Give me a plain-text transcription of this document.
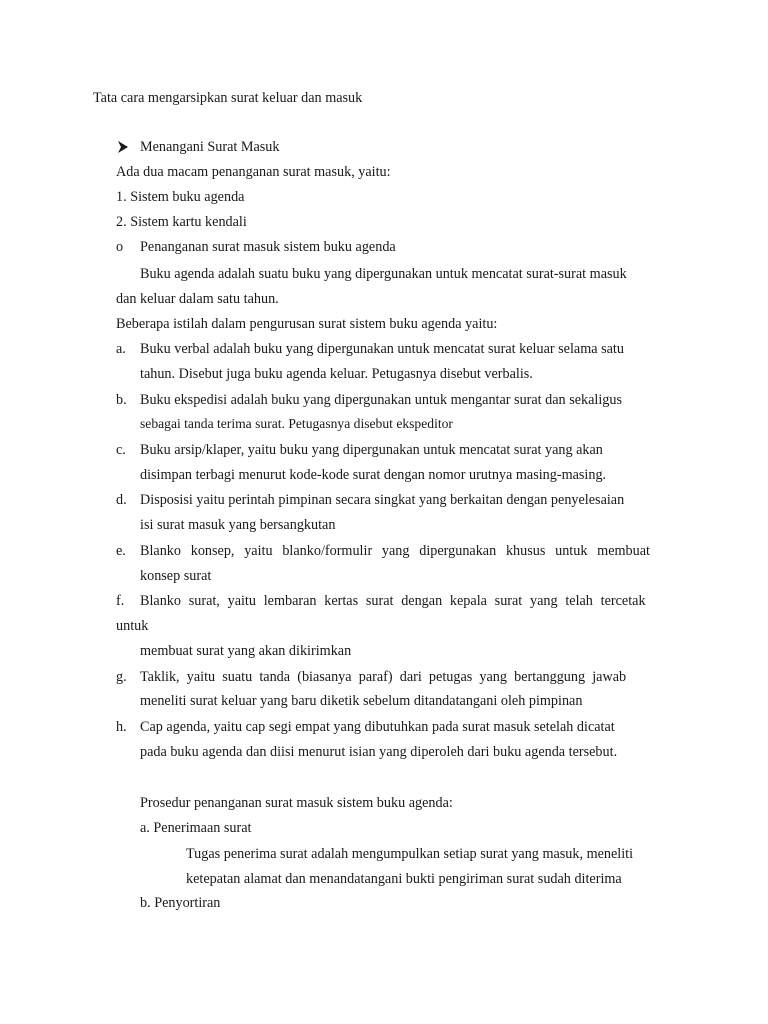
Tata cara mengarsipkan surat keluar dan masuk
Menangani Surat Masuk
Ada dua macam penanganan surat masuk, yaitu:
1. Sistem buku agenda
2. Sistem kartu kendali
o Penanganan surat masuk sistem buku agenda
Buku agenda adalah suatu buku yang dipergunakan untuk mencatat surat-surat masuk
dan keluar dalam satu tahun.
Beberapa istilah dalam pengurusan surat sistem buku agenda yaitu:
a. Buku verbal adalah buku yang dipergunakan untuk mencatat surat keluar selama satu
tahun. Disebut juga buku agenda keluar. Petugasnya disebut verbalis.
b. Buku ekspedisi adalah buku yang dipergunakan untuk mengantar surat dan sekaligus
sebagai tanda terima surat. Petugasnya disebut ekspeditor
c. Buku arsip/klaper, yaitu buku yang dipergunakan untuk mencatat surat yang akan
disimpan terbagi menurut kode-kode surat dengan nomor urutnya masing-masing.
d. Disposisi yaitu perintah pimpinan secara singkat yang berkaitan dengan penyelesaian
isi surat masuk yang bersangkutan
e. Blanko konsep, yaitu blanko/formulir yang dipergunakan khusus untuk membuat
konsep surat
f. Blanko surat, yaitu lembaran kertas surat dengan kepala surat yang telah tercetak
untuk
membuat surat yang akan dikirimkan
g. Taklik, yaitu suatu tanda (biasanya paraf) dari petugas yang bertanggung jawab
meneliti surat keluar yang baru diketik sebelum ditandatangani oleh pimpinan
h. Cap agenda, yaitu cap segi empat yang dibutuhkan pada surat masuk setelah dicatat
pada buku agenda dan diisi menurut isian yang diperoleh dari buku agenda tersebut.
Prosedur penanganan surat masuk sistem buku agenda:
a. Penerimaan surat
Tugas penerima surat adalah mengumpulkan setiap surat yang masuk, meneliti
ketepatan alamat dan menandatangani bukti pengiriman surat sudah diterima
b. Penyortiran
